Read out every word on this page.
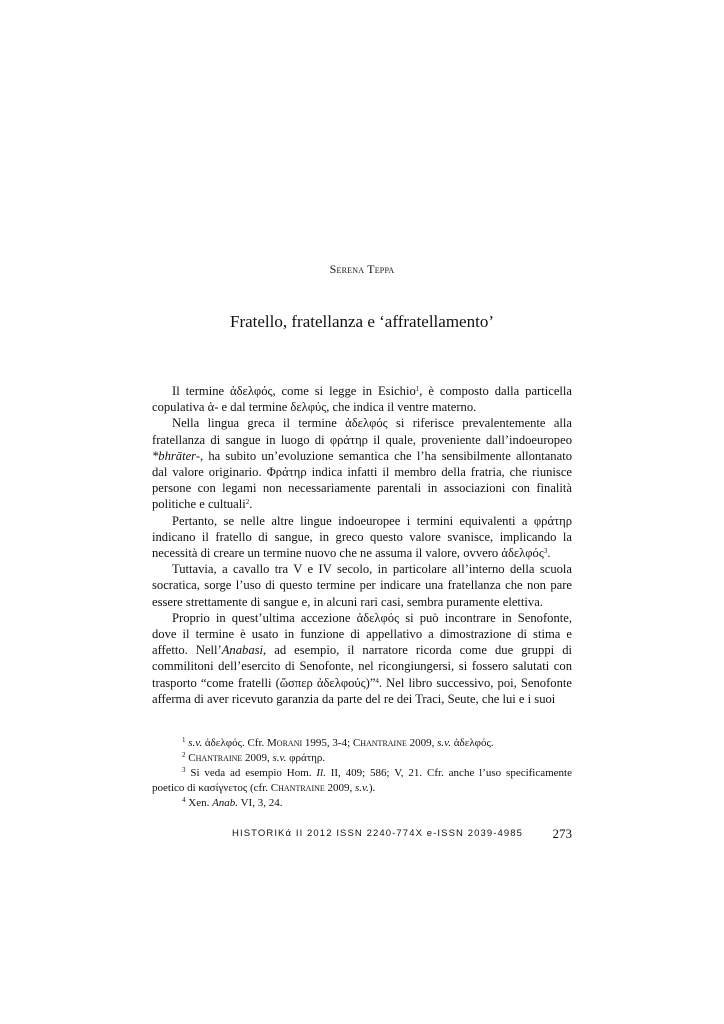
Serena Teppa
Fratello, fratellanza e ‘affratellamento’

Il termine ἀδελφός, come si legge in Esichio$^1$, è composto dalla particella copulativa ἁ- e dal termine δελφύς, che indica il ventre materno.

Nella lingua greca il termine ἀδελφός si riferisce prevalentemente alla fratellanza di sangue in luogo di φράτηρ il quale, proveniente dall’indoeuropeo *bhrāter-, ha subito un’evoluzione semantica che l’ha sensibilmente allontanato dal valore originario. Φράτηρ indica infatti il membro della fratria, che riunisce persone con legami non necessariamente parentali in associazioni con finalità politiche e cultuali$^2$.

Pertanto, se nelle altre lingue indoeuropee i termini equivalenti a φράτηρ indicano il fratello di sangue, in greco questo valore svanisce, implicando la necessità di creare un termine nuovo che ne assuma il valore, ovvero ἀδελφός$^3$.

Tuttavia, a cavallo tra V e IV secolo, in particolare all’interno della scuola socratica, sorge l’uso di questo termine per indicare una fratellanza che non pare essere strettamente di sangue e, in alcuni rari casi, sembra puramente elettiva.

Proprio in quest’ultima accezione ἀδελφός si può incontrare in Senofonte, dove il termine è usato in funzione di appellativo a dimostrazione di stima e affetto. Nell’Anabasi, ad esempio, il narratore ricorda come due gruppi di commilitoni dell’esercito di Senofonte, nel ricongiungersi, si fossero salutati con trasporto “come fratelli (ὥσπερ ἀδελφούς)”$^4$. Nel libro successivo, poi, Senofonte afferma di aver ricevuto garanzia da parte del re dei Traci, Seute, che lui e i suoi

$^1$ s.v. ἀδελφός. Cfr. Morani 1995, 3-4; Chantraine 2009, s.v. ἀδελφός.

$^2$ Chantraine 2009, s.v. φράτηρ.

$^3$ Si veda ad esempio Hom. Il. II, 409; 586; V, 21. Cfr. anche l’uso specificamente poetico di κασίγνετος (cfr. Chantraine 2009, s.v.).

$^4$ Xen. Anab. VI, 3, 24.

HISTORIKά II 2012 ISSN 2240-774X e-ISSN 2039-4985 273
